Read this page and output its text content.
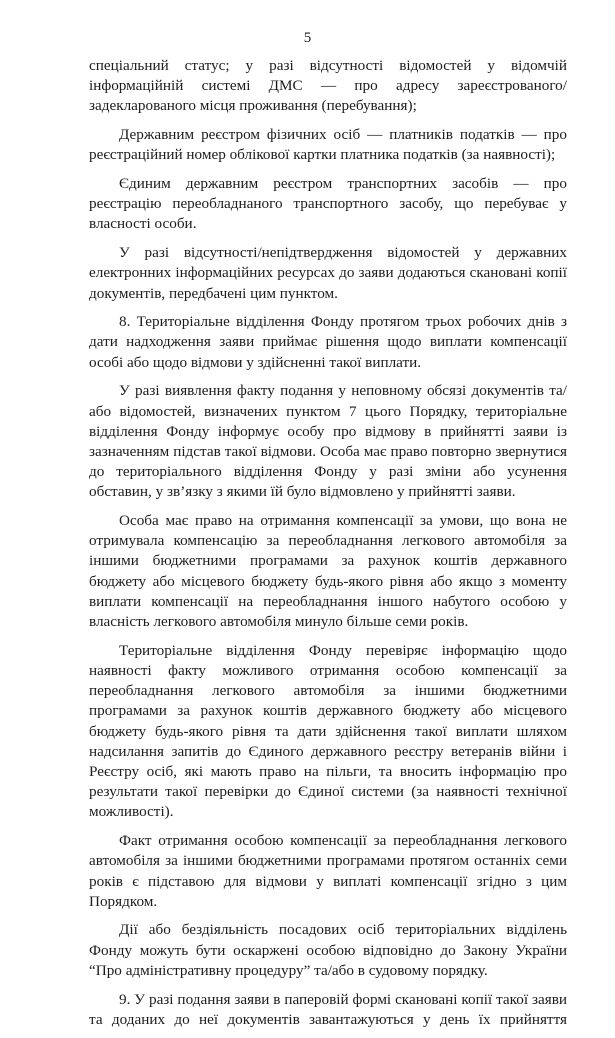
5

спеціальний статус; у разі відсутності відомостей у відомчій інформаційній системі ДМС — про адресу зареєстрованого/задекларованого місця проживання (перебування);

Державним реєстром фізичних осіб — платників податків — про реєстраційний номер облікової картки платника податків (за наявності);

Єдиним державним реєстром транспортних засобів — про реєстрацію переобладнаного транспортного засобу, що перебуває у власності особи.

У разі відсутності/непідтвердження відомостей у державних електронних інформаційних ресурсах до заяви додаються скановані копії документів, передбачені цим пунктом.

8. Територіальне відділення Фонду протягом трьох робочих днів з дати надходження заяви приймає рішення щодо виплати компенсації особі або щодо відмови у здійсненні такої виплати.

У разі виявлення факту подання у неповному обсязі документів та/або відомостей, визначених пунктом 7 цього Порядку, територіальне відділення Фонду інформує особу про відмову в прийнятті заяви із зазначенням підстав такої відмови. Особа має право повторно звернутися до територіального відділення Фонду у разі зміни або усунення обставин, у зв’язку з якими їй було відмовлено у прийнятті заяви.

Особа має право на отримання компенсації за умови, що вона не отримувала компенсацію за переобладнання легкового автомобіля за іншими бюджетними програмами за рахунок коштів державного бюджету або місцевого бюджету будь-якого рівня або якщо з моменту виплати компенсації на переобладнання іншого набутого особою у власність легкового автомобіля минуло більше семи років.

Територіальне відділення Фонду перевіряє інформацію щодо наявності факту можливого отримання особою компенсації за переобладнання легкового автомобіля за іншими бюджетними програмами за рахунок коштів державного бюджету або місцевого бюджету будь-якого рівня та дати здійснення такої виплати шляхом надсилання запитів до Єдиного державного реєстру ветеранів війни і Реєстру осіб, які мають право на пільги, та вносить інформацію про результати такої перевірки до Єдиної системи (за наявності технічної можливості).

Факт отримання особою компенсації за переобладнання легкового автомобіля за іншими бюджетними програмами протягом останніх семи років є підставою для відмови у виплаті компенсації згідно з цим Порядком.

Дії або бездіяльність посадових осіб територіальних відділень Фонду можуть бути оскаржені особою відповідно до Закону України “Про адміністративну процедуру” та/або в судовому порядку.

9. У разі подання заяви в паперовій формі скановані копії такої заяви та доданих до неї документів завантажуються у день їх прийняття
